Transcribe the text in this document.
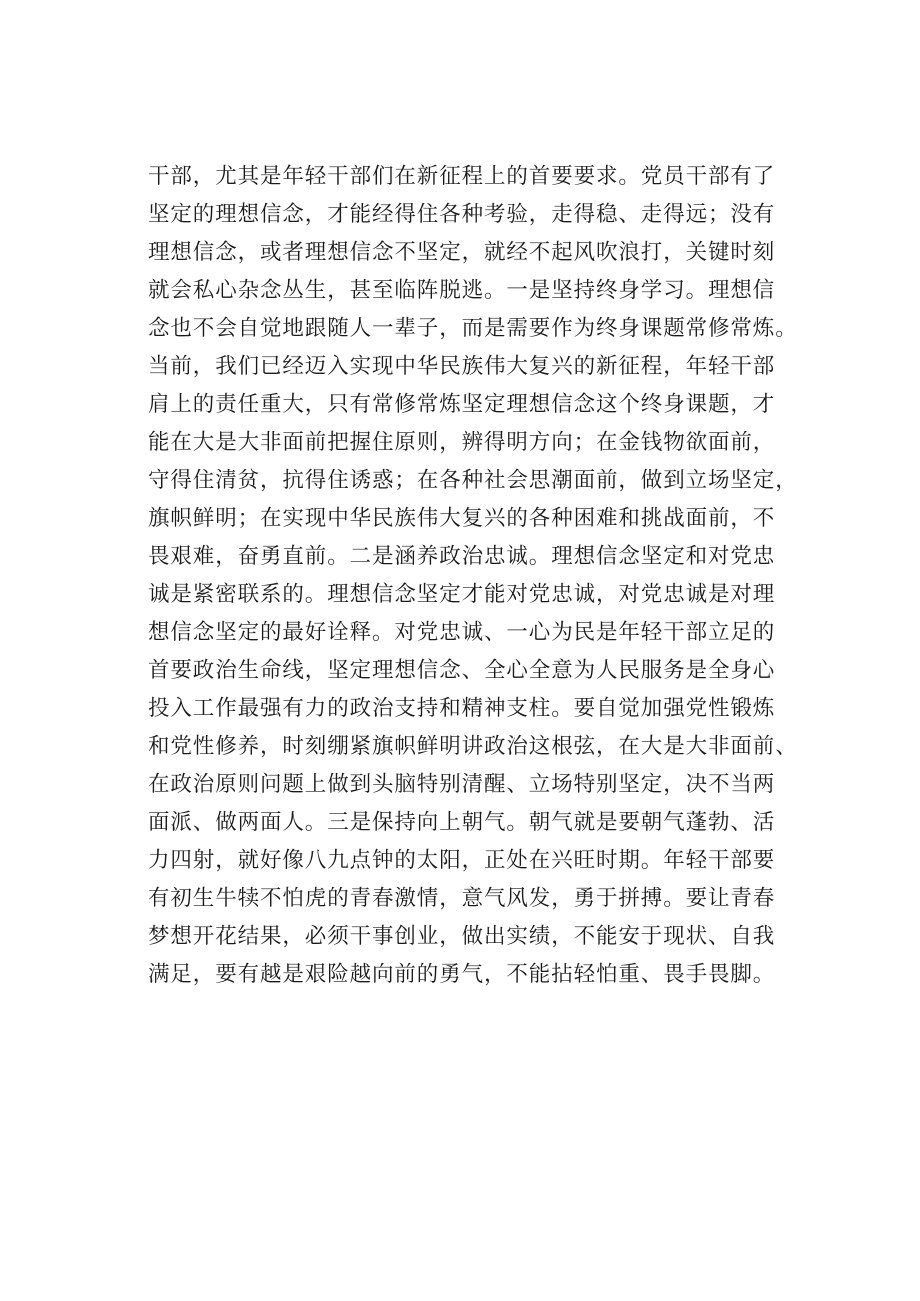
干部，尤其是年轻干部们在新征程上的首要要求。党员干部有了
坚定的理想信念，才能经得住各种考验，走得稳、走得远；没有
理想信念，或者理想信念不坚定，就经不起风吹浪打，关键时刻
就会私心杂念丛生，甚至临阵脱逃。一是坚持终身学习。理想信
念也不会自觉地跟随人一辈子，而是需要作为终身课题常修常炼。
当前，我们已经迈入实现中华民族伟大复兴的新征程，年轻干部
肩上的责任重大，只有常修常炼坚定理想信念这个终身课题，才
能在大是大非面前把握住原则，辨得明方向；在金钱物欲面前，
守得住清贫，抗得住诱惑；在各种社会思潮面前，做到立场坚定，
旗帜鲜明；在实现中华民族伟大复兴的各种困难和挑战面前，不
畏艰难，奋勇直前。二是涵养政治忠诚。理想信念坚定和对党忠
诚是紧密联系的。理想信念坚定才能对党忠诚，对党忠诚是对理
想信念坚定的最好诠释。对党忠诚、一心为民是年轻干部立足的
首要政治生命线，坚定理想信念、全心全意为人民服务是全身心
投入工作最强有力的政治支持和精神支柱。要自觉加强党性锻炼
和党性修养，时刻绷紧旗帜鲜明讲政治这根弦，在大是大非面前、
在政治原则问题上做到头脑特别清醒、立场特别坚定，决不当两
面派、做两面人。三是保持向上朝气。朝气就是要朝气蓬勃、活
力四射，就好像八九点钟的太阳，正处在兴旺时期。年轻干部要
有初生牛犊不怕虎的青春激情，意气风发，勇于拼搏。要让青春
梦想开花结果，必须干事创业，做出实绩，不能安于现状、自我
满足，要有越是艰险越向前的勇气，不能拈轻怕重、畏手畏脚。
